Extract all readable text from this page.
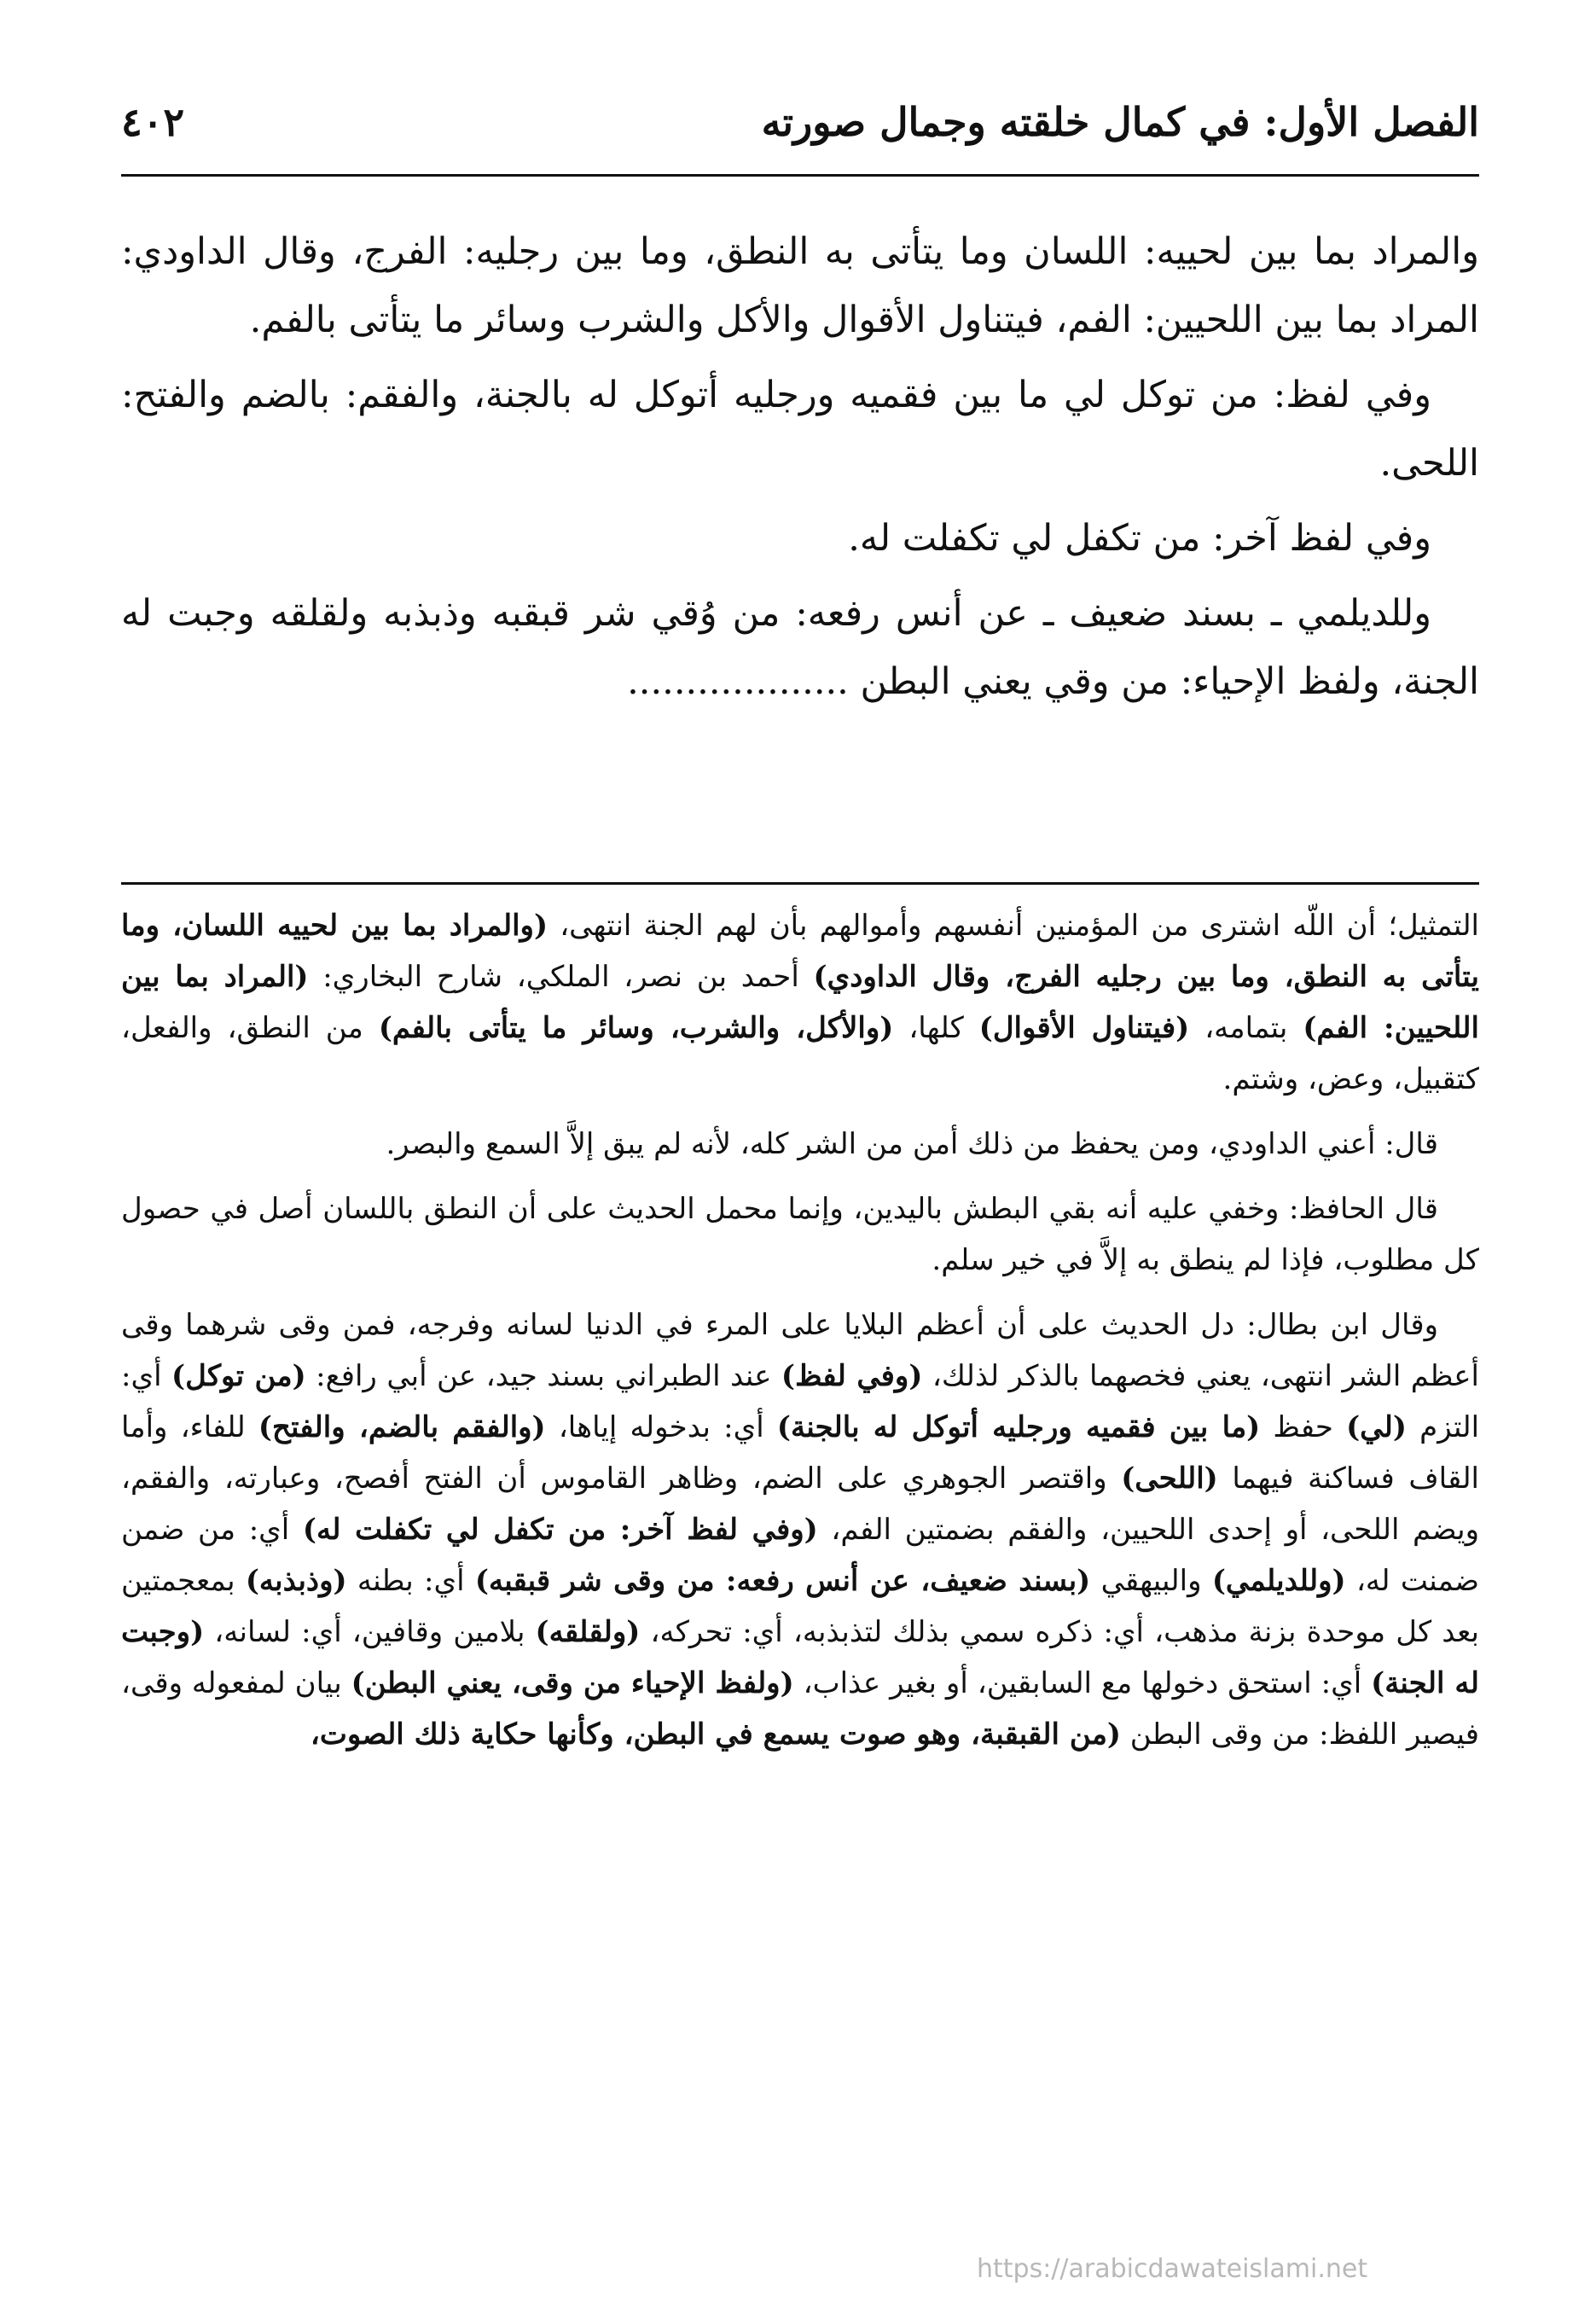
الفصل الأول: في كمال خلقته وجمال صورته
٤٠٢

والمراد بما بين لحييه: اللسان وما يتأتى به النطق، وما بين رجليه: الفرج، وقال الداودي: المراد بما بين اللحيين: الفم، فيتناول الأقوال والأكل والشرب وسائر ما يتأتى بالفم.

وفي لفظ: من توكل لي ما بين فقميه ورجليه أتوكل له بالجنة، والفقم: بالضم والفتح: اللحى.

وفي لفظ آخر: من تكفل لي تكفلت له.

وللديلمي ـ بسند ضعيف ـ عن أنس رفعه: من وُقي شر قبقبه وذبذبه ولقلقه وجبت له الجنة، ولفظ الإحياء: من وقي يعني البطن ...................

التمثيل؛ أن اللّه اشترى من المؤمنين أنفسهم وأموالهم بأن لهم الجنة انتهى، (والمراد بما بين لحييه اللسان، وما يتأتى به النطق، وما بين رجليه الفرج، وقال الداودي) أحمد بن نصر، الملكي، شارح البخاري: (المراد بما بين اللحيين: الفم) بتمامه، (فيتناول الأقوال) كلها، (والأكل، والشرب، وسائر ما يتأتى بالفم) من النطق، والفعل، كتقبيل، وعض، وشتم.

قال: أعني الداودي، ومن يحفظ من ذلك أمن من الشر كله، لأنه لم يبق إلاَّ السمع والبصر.

قال الحافظ: وخفي عليه أنه بقي البطش باليدين، وإنما محمل الحديث على أن النطق باللسان أصل في حصول كل مطلوب، فإذا لم ينطق به إلاَّ في خير سلم.

وقال ابن بطال: دل الحديث على أن أعظم البلايا على المرء في الدنيا لسانه وفرجه، فمن وقى شرهما وقى أعظم الشر انتهى، يعني فخصهما بالذكر لذلك، (وفي لفظ) عند الطبراني بسند جيد، عن أبي رافع: (من توكل) أي: التزم (لي) حفظ (ما بين فقميه ورجليه أتوكل له بالجنة) أي: بدخوله إياها، (والفقم بالضم، والفتح) للفاء، وأما القاف فساكنة فيهما (اللحى) واقتصر الجوهري على الضم، وظاهر القاموس أن الفتح أفصح، وعبارته، والفقم، ويضم اللحى، أو إحدى اللحيين، والفقم بضمتين الفم، (وفي لفظ آخر: من تكفل لي تكفلت له) أي: من ضمن ضمنت له، (وللديلمي) والبيهقي (بسند ضعيف، عن أنس رفعه: من وقى شر قبقبه) أي: بطنه (وذبذبه) بمعجمتين بعد كل موحدة بزنة مذهب، أي: ذكره سمي بذلك لتذبذبه، أي: تحركه، (ولقلقه) بلامين وقافين، أي: لسانه، (وجبت له الجنة) أي: استحق دخولها مع السابقين، أو بغير عذاب، (ولفظ الإحياء من وقى، يعني البطن) بيان لمفعوله وقى، فيصير اللفظ: من وقى البطن (من القبقبة، وهو صوت يسمع في البطن، وكأنها حكاية ذلك الصوت،

https://arabicdawateislami.net
